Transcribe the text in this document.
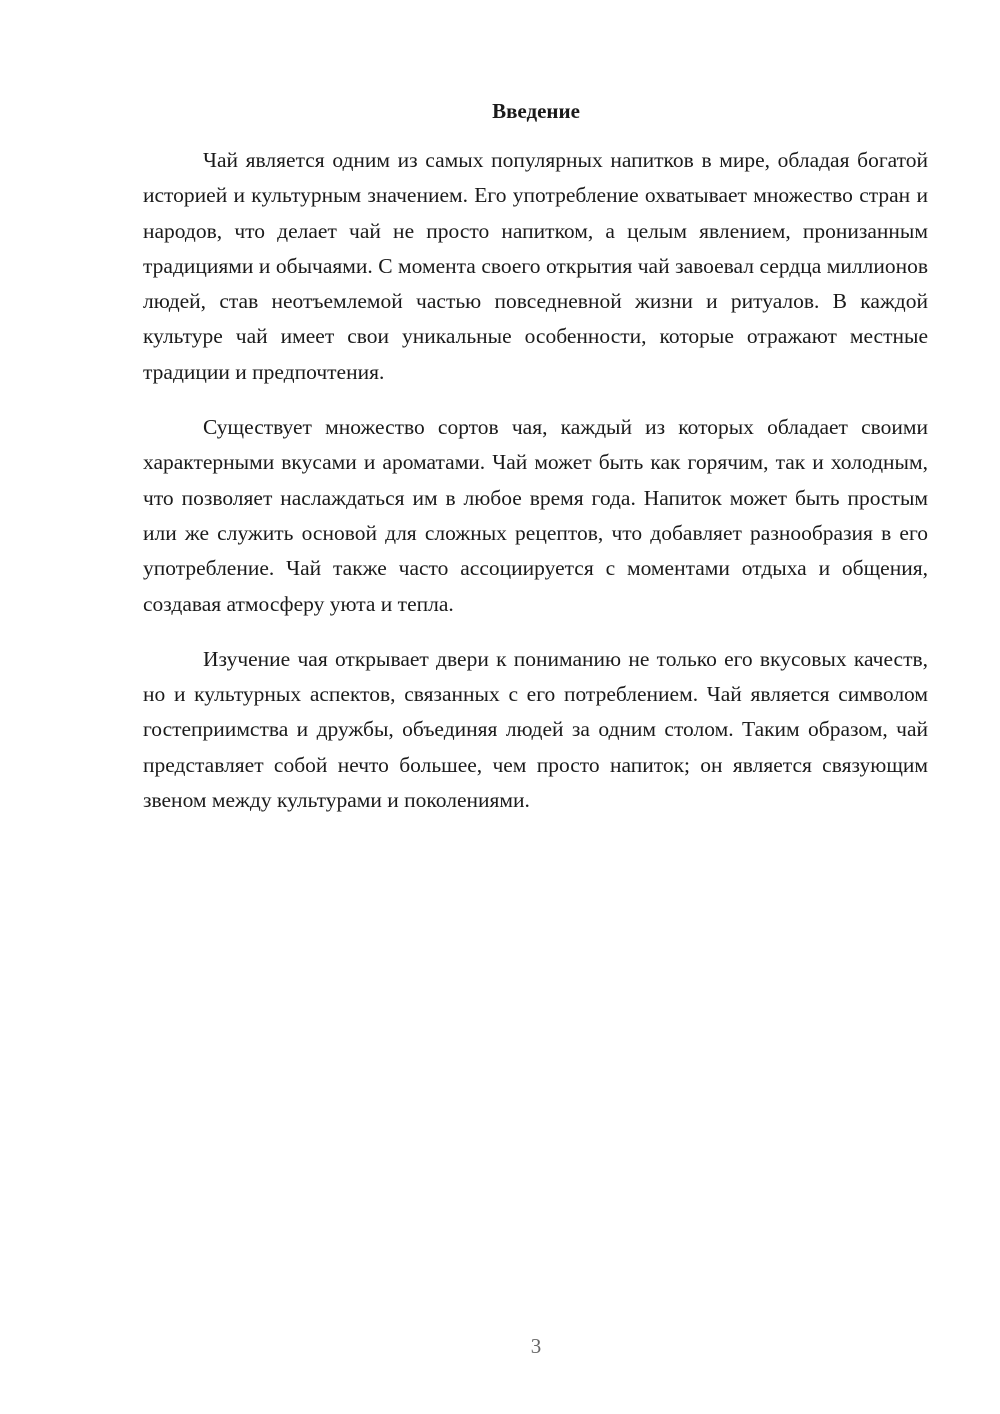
Введение

Чай является одним из самых популярных напитков в мире, обладая богатой историей и культурным значением. Его употребление охватывает множество стран и народов, что делает чай не просто напитком, а целым явлением, пронизанным традициями и обычаями. С момента своего открытия чай завоевал сердца миллионов людей, став неотъемлемой частью повседневной жизни и ритуалов. В каждой культуре чай имеет свои уникальные особенности, которые отражают местные традиции и предпочтения.

Существует множество сортов чая, каждый из которых обладает своими характерными вкусами и ароматами. Чай может быть как горячим, так и холодным, что позволяет наслаждаться им в любое время года. Напиток может быть простым или же служить основой для сложных рецептов, что добавляет разнообразия в его употребление. Чай также часто ассоциируется с моментами отдыха и общения, создавая атмосферу уюта и тепла.

Изучение чая открывает двери к пониманию не только его вкусовых качеств, но и культурных аспектов, связанных с его потреблением. Чай является символом гостеприимства и дружбы, объединяя людей за одним столом. Таким образом, чай представляет собой нечто большее, чем просто напиток; он является связующим звеном между культурами и поколениями.

3
